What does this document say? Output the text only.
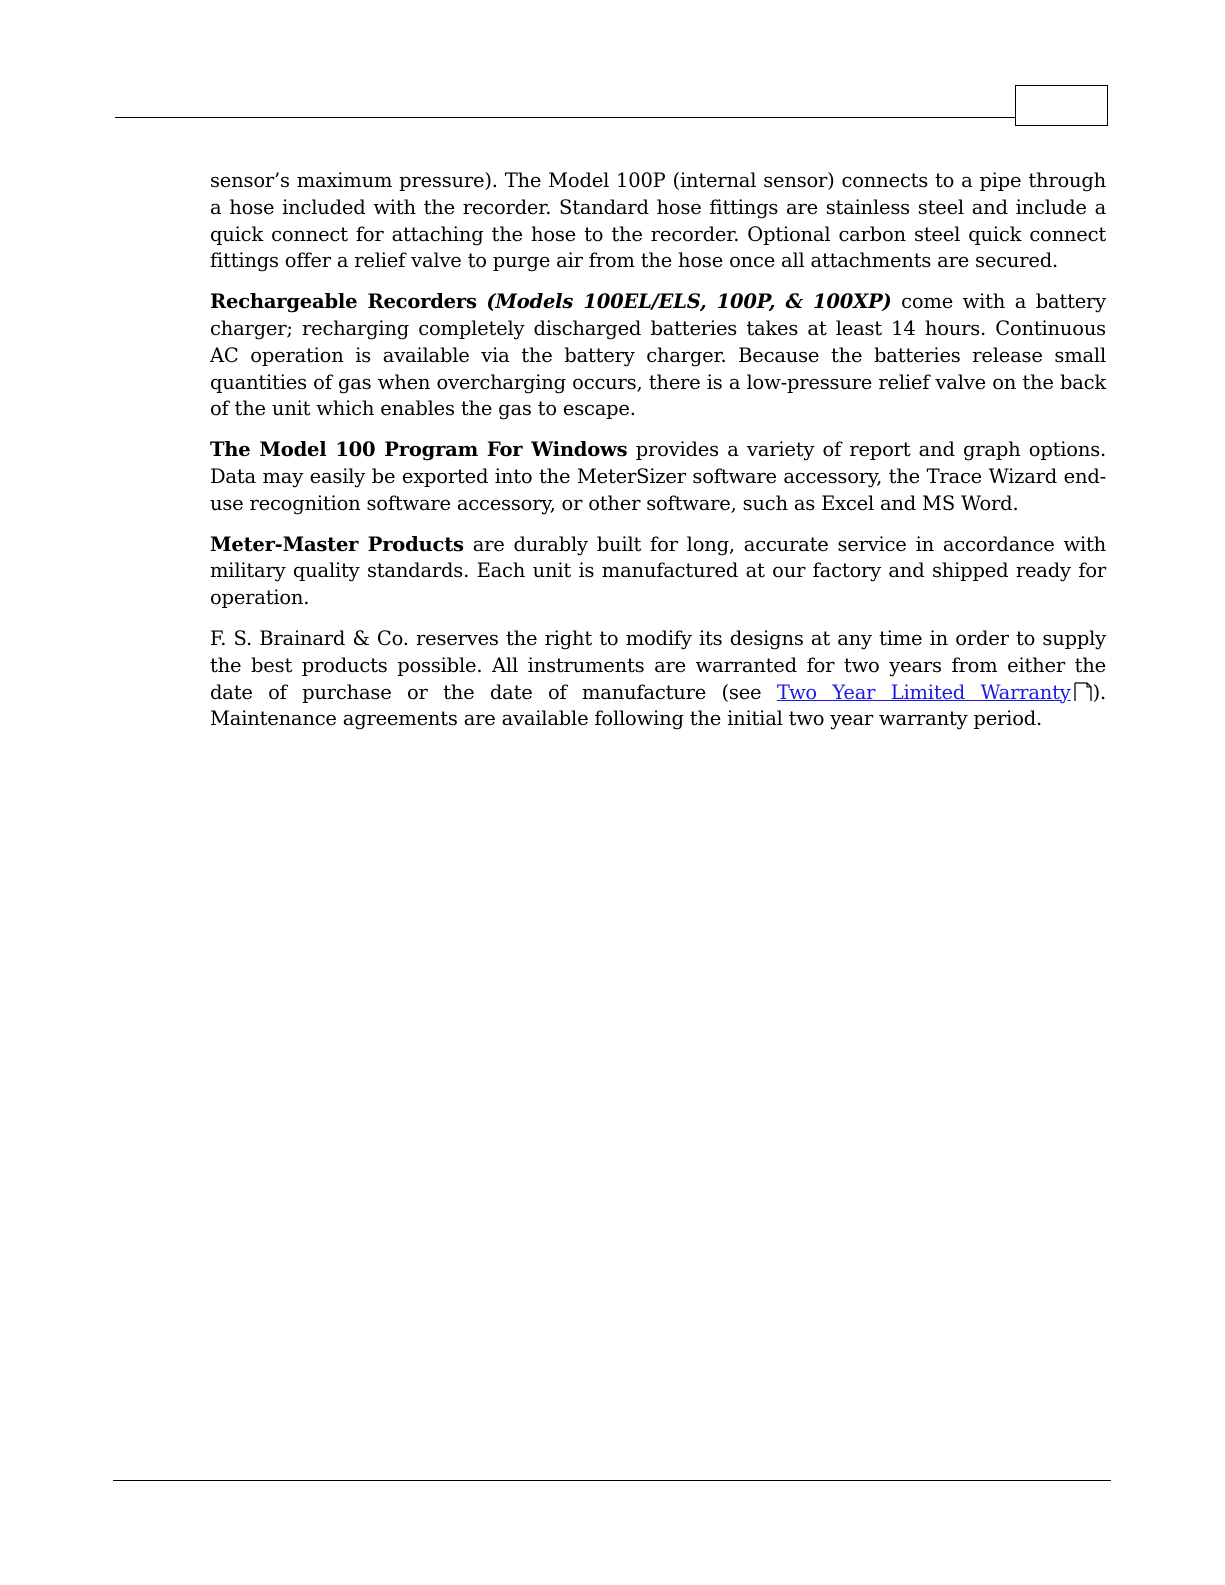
sensor’s maximum pressure). The Model 100P (internal sensor) connects to a pipe through a hose included with the recorder. Standard hose fittings are stainless steel and include a quick connect for attaching the hose to the recorder. Optional carbon steel quick connect fittings offer a relief valve to purge air from the hose once all attachments are secured.

Rechargeable Recorders (Models 100EL/ELS, 100P, & 100XP) come with a battery charger; recharging completely discharged batteries takes at least 14 hours. Continuous AC operation is available via the battery charger. Because the batteries release small quantities of gas when overcharging occurs, there is a low-pressure relief valve on the back of the unit which enables the gas to escape.

The Model 100 Program For Windows provides a variety of report and graph options. Data may easily be exported into the MeterSizer software accessory, the Trace Wizard end-use recognition software accessory, or other software, such as Excel and MS Word.

Meter-Master Products are durably built for long, accurate service in accordance with military quality standards. Each unit is manufactured at our factory and shipped ready for operation.

F. S. Brainard & Co. reserves the right to modify its designs at any time in order to supply the best products possible. All instruments are warranted for two years from either the date of purchase or the date of manufacture (see Two Year Limited Warranty ). Maintenance agreements are available following the initial two year warranty period.
